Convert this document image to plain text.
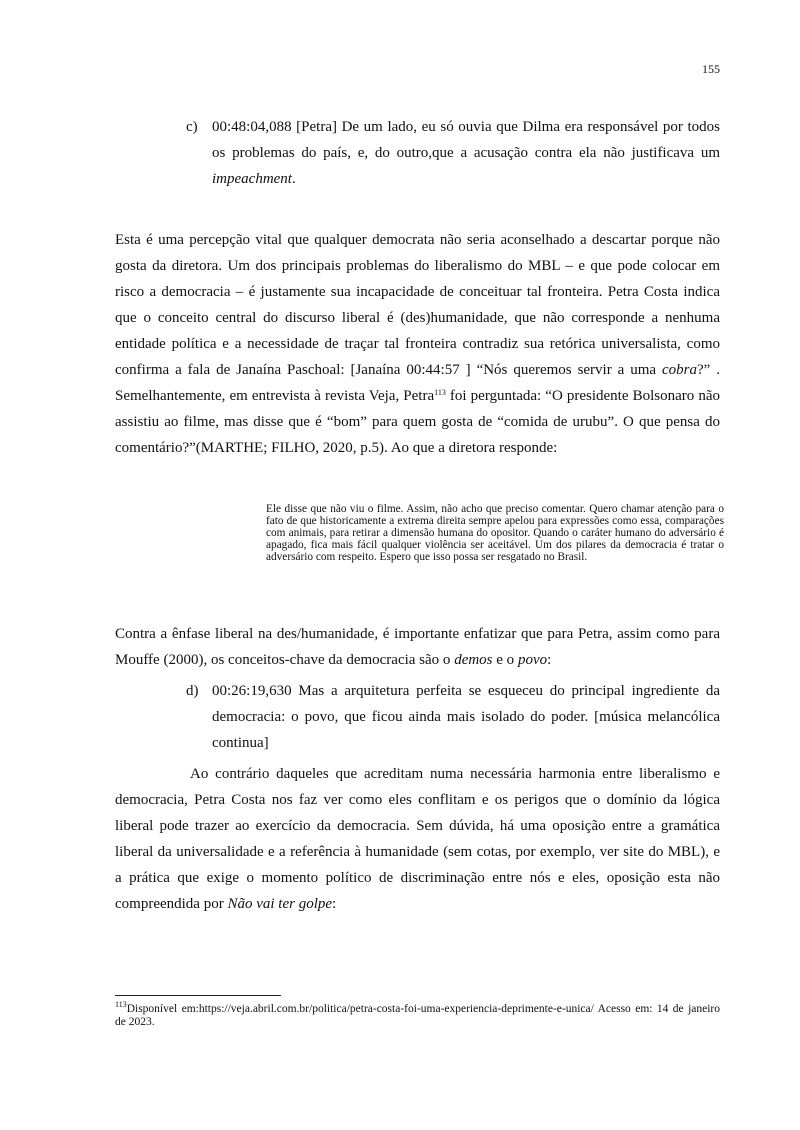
155
c) 00:48:04,088 [Petra] De um lado, eu só ouvia que Dilma era responsável por todos os problemas do país, e, do outro,que a acusação contra ela não justificava um impeachment.

Esta é uma percepção vital que qualquer democrata não seria aconselhado a descartar porque não gosta da diretora. Um dos principais problemas do liberalismo do MBL – e que pode colocar em risco a democracia – é justamente sua incapacidade de conceituar tal fronteira. Petra Costa indica que o conceito central do discurso liberal é (des)humanidade, que não corresponde a nenhuma entidade política e a necessidade de traçar tal fronteira contradiz sua retórica universalista, como confirma a fala de Janaína Paschoal: [Janaína 00:44:57 ] “Nós queremos servir a uma cobra?” . Semelhantemente, em entrevista à revista Veja, Petra$^{113}$ foi perguntada: “O presidente Bolsonaro não assistiu ao filme, mas disse que é “bom” para quem gosta de “comida de urubu”. O que pensa do comentário?”(MARTHE; FILHO, 2020, p.5). Ao que a diretora responde:

Ele disse que não viu o filme. Assim, não acho que preciso comentar. Quero chamar atenção para o fato de que historicamente a extrema direita sempre apelou para expressões como essa, comparações com animais, para retirar a dimensão humana do opositor. Quando o caráter humano do adversário é apagado, fica mais fácil qualquer violência ser aceitável. Um dos pilares da democracia é tratar o adversário com respeito. Espero que isso possa ser resgatado no Brasil.

Contra a ênfase liberal na des/humanidade, é importante enfatizar que para Petra, assim como para Mouffe (2000), os conceitos-chave da democracia são o demos e o povo:

d) 00:26:19,630 Mas a arquitetura perfeita se esqueceu do principal ingrediente da democracia: o povo, que ficou ainda mais isolado do poder. [música melancólica continua]

Ao contrário daqueles que acreditam numa necessária harmonia entre liberalismo e democracia, Petra Costa nos faz ver como eles conflitam e os perigos que o domínio da lógica liberal pode trazer ao exercício da democracia. Sem dúvida, há uma oposição entre a gramática liberal da universalidade e a referência à humanidade (sem cotas, por exemplo, ver site do MBL), e a prática que exige o momento político de discriminação entre nós e eles, oposição esta não compreendida por Não vai ter golpe:

$^{113}$Disponível em:https://veja.abril.com.br/politica/petra-costa-foi-uma-experiencia-deprimente-e-unica/ Acesso em: 14 de janeiro de 2023.
